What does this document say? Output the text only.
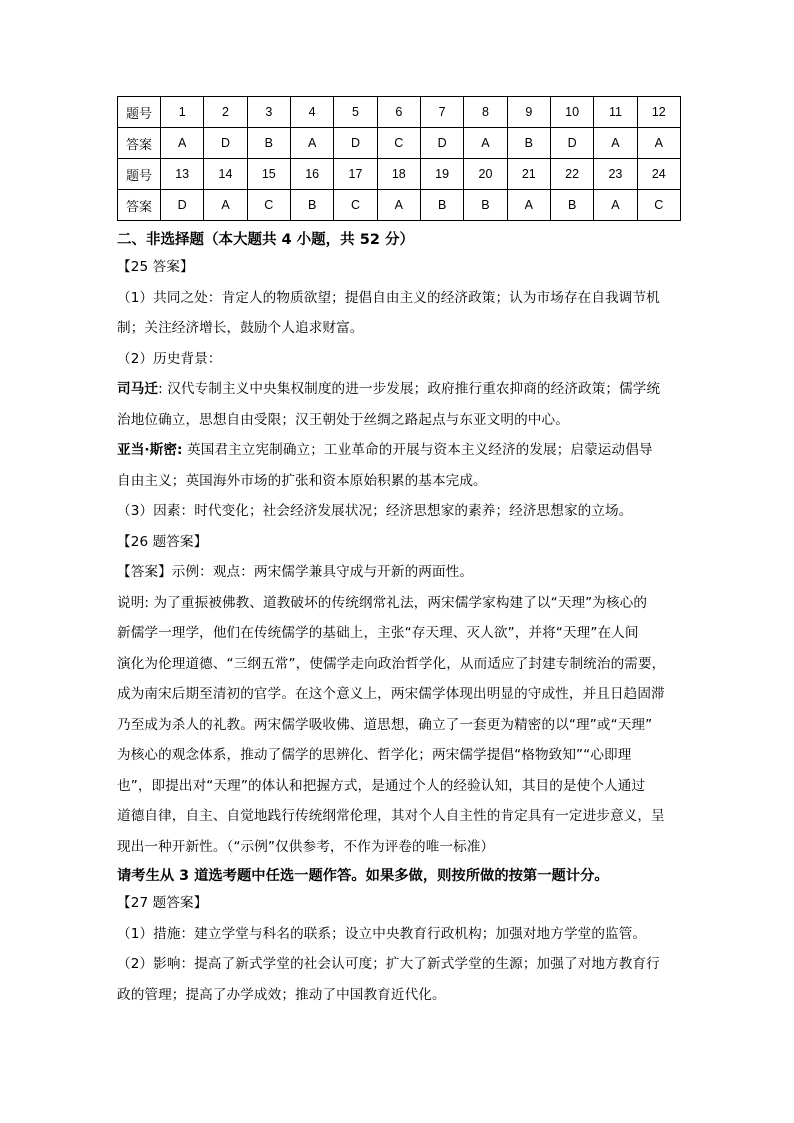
题号	1	2	3	4	5	6	7	8	9	10	11	12
答案	A	D	B	A	D	C	D	A	B	D	A	A
题号	13	14	15	16	17	18	19	20	21	22	23	24
答案	D	A	C	B	C	A	B	B	A	B	A	C
二、非选择题（本大题共 4 小题，共 52 分）

【25 答案】

（1）共同之处：肯定人的物质欲望；提倡自由主义的经济政策；认为市场存在自我调节机

制；关注经济增长，鼓励个人追求财富。

（2）历史背景：

司马迁: 汉代专制主义中央集权制度的进一步发展；政府推行重农抑商的经济政策；儒学统

治地位确立，思想自由受限；汉王朝处于丝绸之路起点与东亚文明的中心。

亚当·斯密: 英国君主立宪制确立；工业革命的开展与资本主义经济的发展；启蒙运动倡导

自由主义；英国海外市场的扩张和资本原始积累的基本完成。

（3）因素：时代变化；社会经济发展状况；经济思想家的素养；经济思想家的立场。

【26 题答案】

【答案】示例：观点：两宋儒学兼具守成与开新的两面性。

说明: 为了重振被佛教、道教破坏的传统纲常礼法，两宋儒学家构建了以“天理”为核心的

新儒学一理学，他们在传统儒学的基础上，主张“存天理、灭人欲”，并将“天理”在人间

演化为伦理道德、“三纲五常”，使儒学走向政治哲学化，从而适应了封建专制统治的需要，

成为南宋后期至清初的官学。在这个意义上，两宋儒学体现出明显的守成性，并且日趋固滞

乃至成为杀人的礼教。两宋儒学吸收佛、道思想，确立了一套更为精密的以“理”或“天理”

为核心的观念体系，推动了儒学的思辨化、哲学化；两宋儒学提倡“格物致知”“心即理

也”，即提出对“天理”的体认和把握方式，是通过个人的经验认知，其目的是使个人通过

道德自律，自主、自觉地践行传统纲常伦理，其对个人自主性的肯定具有一定进步意义，呈

现出一种开新性。（“示例”仅供参考，不作为评卷的唯一标准）

请考生从 3 道选考题中任选一题作答。如果多做，则按所做的按第一题计分。

【27 题答案】

（1）措施：建立学堂与科名的联系；设立中央教育行政机构；加强对地方学堂的监管。

（2）影响：提高了新式学堂的社会认可度；扩大了新式学堂的生源；加强了对地方教育行

政的管理；提高了办学成效；推动了中国教育近代化。
